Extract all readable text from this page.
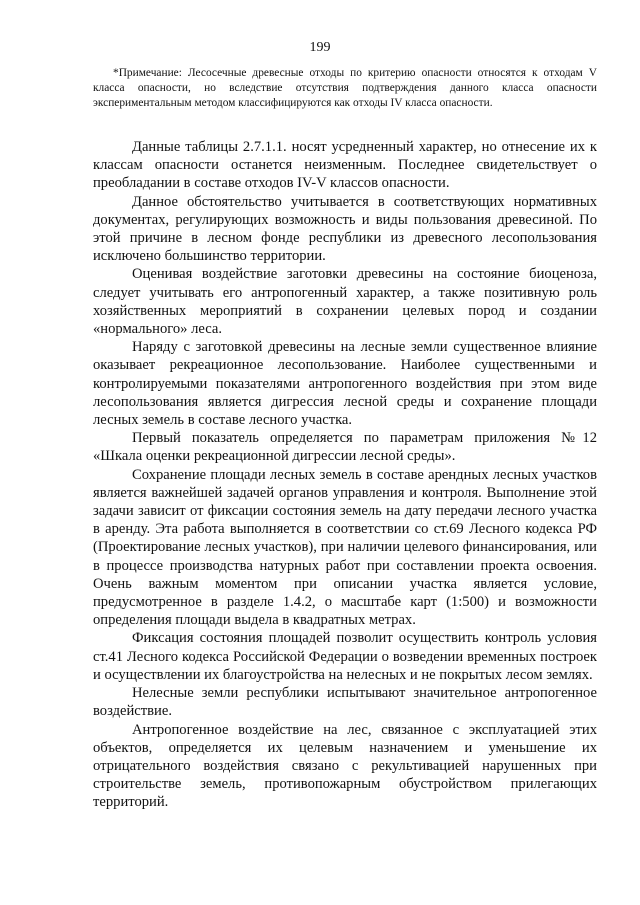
199
*Примечание: Лесосечные древесные отходы по критерию опасности относятся к отходам V класса опасности, но вследствие отсутствия подтверждения данного класса опасности экспериментальным методом классифицируются как отходы IV класса опасности.

Данные таблицы 2.7.1.1. носят усредненный характер, но отнесение их к классам опасности останется неизменным. Последнее свидетельствует о преобладании в составе отходов IV-V классов опасности.

Данное обстоятельство учитывается в соответствующих нормативных документах, регулирующих возможность и виды пользования древесиной. По этой причине в лесном фонде республики из древесного лесопользования исключено большинство территории.

Оценивая воздействие заготовки древесины на состояние биоценоза, следует учитывать его антропогенный характер, а также позитивную роль хозяйственных мероприятий в сохранении целевых пород и создании «нормального» леса.

Наряду с заготовкой древесины на лесные земли существенное влияние оказывает рекреационное лесопользование. Наиболее существенными и контролируемыми показателями антропогенного воздействия при этом виде лесопользования является дигрессия лесной среды и сохранение площади лесных земель в составе лесного участка.

Первый показатель определяется по параметрам приложения №12 «Шкала оценки рекреационной дигрессии лесной среды».

Сохранение площади лесных земель в составе арендных лесных участков является важнейшей задачей органов управления и контроля. Выполнение этой задачи зависит от фиксации состояния земель на дату передачи лесного участка в аренду. Эта работа выполняется в соответствии со ст.69 Лесного кодекса РФ (Проектирование лесных участков), при наличии целевого финансирования, или в процессе производства натурных работ при составлении проекта освоения. Очень важным моментом при описании участка является условие, предусмотренное в разделе 1.4.2, о масштабе карт (1:500) и возможности определения площади выдела в квадратных метрах.

Фиксация состояния площадей позволит осуществить контроль условия ст.41 Лесного кодекса Российской Федерации о возведении временных построек и осуществлении их благоустройства на нелесных и не покрытых лесом землях.

Нелесные земли республики испытывают значительное антропогенное воздействие.

Антропогенное воздействие на лес, связанное с эксплуатацией этих объектов, определяется их целевым назначением и уменьшение их отрицательного воздействия связано с рекультивацией нарушенных при строительстве земель, противопожарным обустройством прилегающих территорий.
